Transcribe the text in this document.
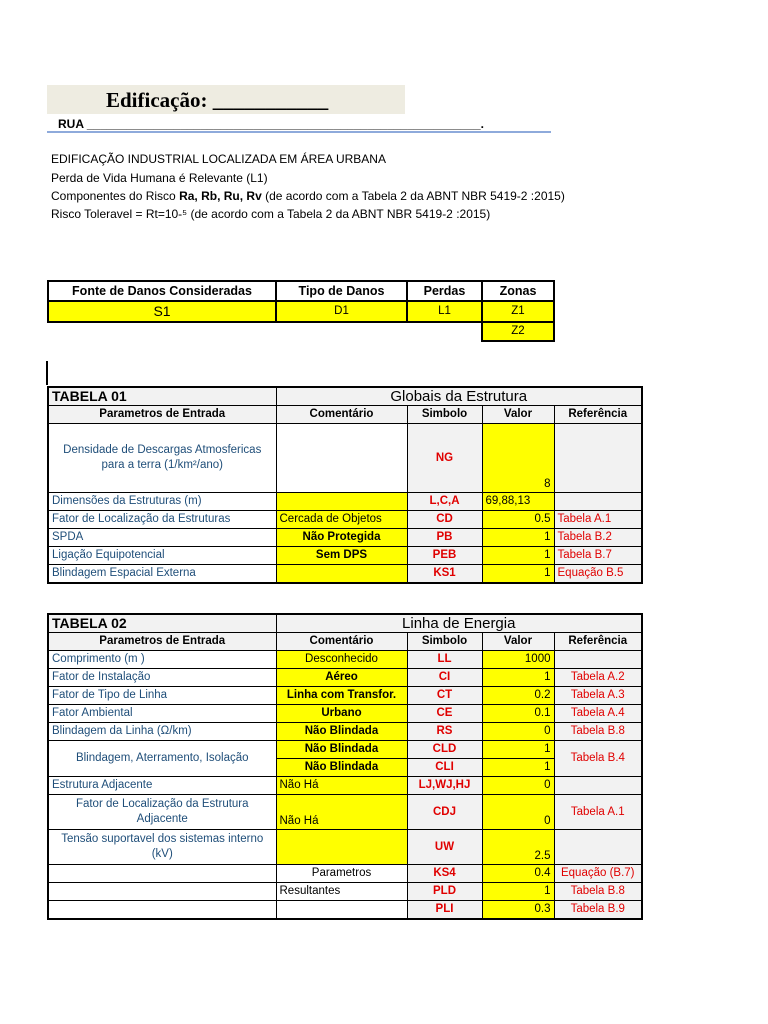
Edificação: ___________
RUA ___________________________________________________________.
EDIFICAÇÃO INDUSTRIAL LOCALIZADA EM ÁREA URBANA
Perda de Vida Humana é Relevante (L1)
Componentes do Risco Ra, Rb, Ru, Rv (de acordo com a Tabela 2 da ABNT NBR 5419-2 :2015)
Risco Toleravel = Rt=10-⁵ (de acordo com a Tabela 2 da ABNT NBR 5419-2 :2015)
Fonte de Danos Consideradas	Tipo de Danos	Perdas	Zonas
S1	D1	L1	Z1
			Z2
TABELA 01	Globais da Estrutura			
Parametros de Entrada	Comentário	Simbolo	Valor	Referência
Densidade de Descargas Atmosfericas para a terra (1/km²/ano)		NG	8	
Dimensões da Estruturas (m)		L,C,A	69,88,13	
Fator de Localização da Estruturas	Cercada de Objetos	CD	0.5	Tabela A.1
SPDA	Não Protegida	PB	1	Tabela B.2
Ligação Equipotencial	Sem DPS	PEB	1	Tabela B.7
Blindagem Espacial Externa		KS1	1	Equação B.5
TABELA 02	Linha de Energia			
Parametros de Entrada	Comentário	Simbolo	Valor	Referência
Comprimento (m )	Desconhecido	LL	1000	
Fator de Instalação	Aéreo	CI	1	Tabela A.2
Fator de Tipo de Linha	Linha com Transfor.	CT	0.2	Tabela A.3
Fator Ambiental	Urbano	CE	0.1	Tabela A.4
Blindagem da Linha (Ω/km)	Não Blindada	RS	0	Tabela B.8
Blindagem, Aterramento, Isolação	Não Blindada	CLD	1	Tabela B.4
	Não Blindada	CLI	1	
Estrutura Adjacente	Não Há	LJ,WJ,HJ	0	
Fator de Localização da Estrutura Adjacente	Não Há	CDJ	0	Tabela A.1
Tensão suportavel dos sistemas interno (kV)		UW	2.5	
	Parametros	KS4	0.4	Equação (B.7)
	Resultantes	PLD	1	Tabela B.8
		PLI	0.3	Tabela B.9
